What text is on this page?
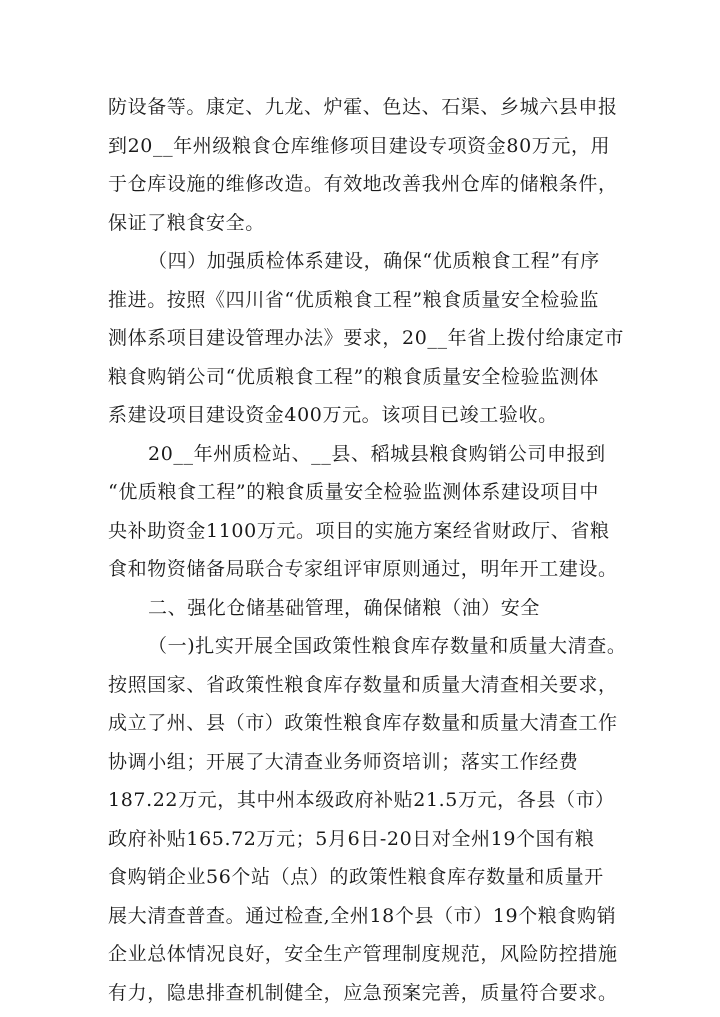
防设备等。康定、九龙、炉霍、色达、石渠、乡城六县申报
到20__年州级粮食仓库维修项目建设专项资金80万元，用
于仓库设施的维修改造。有效地改善我州仓库的储粮条件，
保证了粮食安全。
（四）加强质检体系建设，确保“优质粮食工程”有序
推进。按照《四川省“优质粮食工程”粮食质量安全检验监
测体系项目建设管理办法》要求，20__年省上拨付给康定市
粮食购销公司“优质粮食工程”的粮食质量安全检验监测体
系建设项目建设资金400万元。该项目已竣工验收。
20__年州质检站、__县、稻城县粮食购销公司申报到
“优质粮食工程”的粮食质量安全检验监测体系建设项目中
央补助资金1100万元。项目的实施方案经省财政厅、省粮
食和物资储备局联合专家组评审原则通过，明年开工建设。
二、强化仓储基础管理，确保储粮（油）安全
（一)扎实开展全国政策性粮食库存数量和质量大清查。
按照国家、省政策性粮食库存数量和质量大清查相关要求，
成立了州、县（市）政策性粮食库存数量和质量大清查工作
协调小组；开展了大清查业务师资培训；落实工作经费
187.22万元，其中州本级政府补贴21.5万元，各县（市）
政府补贴165.72万元；5月6日-20日对全州19个国有粮
食购销企业56个站（点）的政策性粮食库存数量和质量开
展大清查普查。通过检查,全州18个县（市）19个粮食购销
企业总体情况良好，安全生产管理制度规范，风险防控措施
有力，隐患排查机制健全，应急预案完善，质量符合要求。
